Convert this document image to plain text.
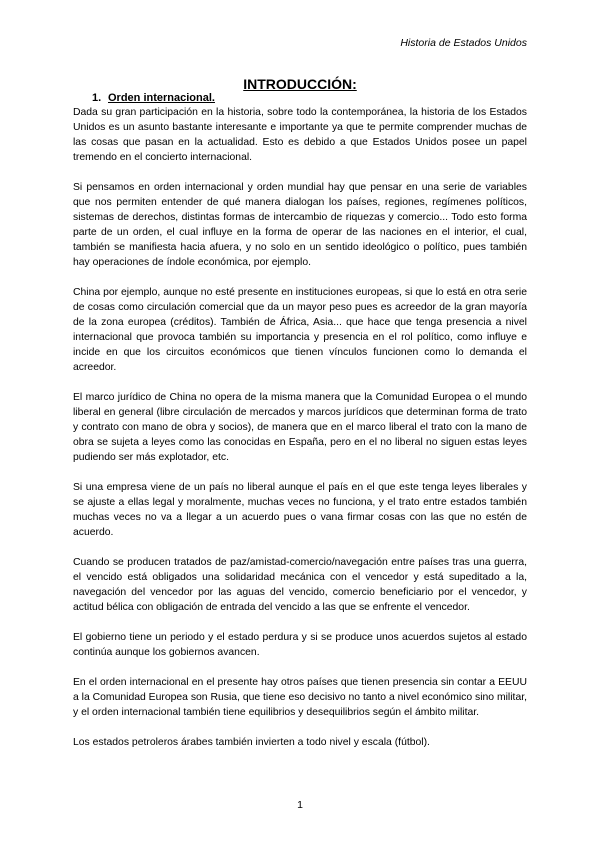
Historia de Estados Unidos
INTRODUCCIÓN:
1. Orden internacional.

Dada su gran participación en la historia, sobre todo la contemporánea, la historia de los Estados Unidos es un asunto bastante interesante e importante ya que te permite comprender muchas de las cosas que pasan en la actualidad. Esto es debido a que Estados Unidos posee un papel tremendo en el concierto internacional.

Si pensamos en orden internacional y orden mundial hay que pensar en una serie de variables que nos permiten entender de qué manera dialogan los países, regiones, regímenes políticos, sistemas de derechos, distintas formas de intercambio de riquezas y comercio... Todo esto forma parte de un orden, el cual influye en la forma de operar de las naciones en el interior, el cual, también se manifiesta hacia afuera, y no solo en un sentido ideológico o político, pues también hay operaciones de índole económica, por ejemplo.

China por ejemplo, aunque no esté presente en instituciones europeas, si que lo está en otra serie de cosas como circulación comercial que da un mayor peso pues es acreedor de la gran mayoría de la zona europea (créditos). También de África, Asia... que hace que tenga presencia a nivel internacional que provoca también su importancia y presencia en el rol político, como influye e incide en que los circuitos económicos que tienen vínculos funcionen como lo demanda el acreedor.

El marco jurídico de China no opera de la misma manera que la Comunidad Europea o el mundo liberal en general (libre circulación de mercados y marcos jurídicos que determinan forma de trato y contrato con mano de obra y socios), de manera que en el marco liberal el trato con la mano de obra se sujeta a leyes como las conocidas en España, pero en el no liberal no siguen estas leyes pudiendo ser más explotador, etc.

Si una empresa viene de un país no liberal aunque el país en el que este tenga leyes liberales y se ajuste a ellas legal y moralmente, muchas veces no funciona, y el trato entre estados también muchas veces no va a llegar a un acuerdo pues o vana firmar cosas con las que no estén de acuerdo.

Cuando se producen tratados de paz/amistad-comercio/navegación entre países tras una guerra, el vencido está obligados una solidaridad mecánica con el vencedor y está supeditado a la, navegación del vencedor por las aguas del vencido, comercio beneficiario por el vencedor, y actitud bélica con obligación de entrada del vencido a las que se enfrente el vencedor.

El gobierno tiene un periodo y el estado perdura y si se produce unos acuerdos sujetos al estado continúa aunque los gobiernos avancen.

En el orden internacional en el presente hay otros países que tienen presencia sin contar a EEUU a la Comunidad Europea son Rusia, que tiene eso decisivo no tanto a nivel económico sino militar, y el orden internacional también tiene equilibrios y desequilibrios según el ámbito militar.

Los estados petroleros árabes también invierten a todo nivel y escala (fútbol).

1
